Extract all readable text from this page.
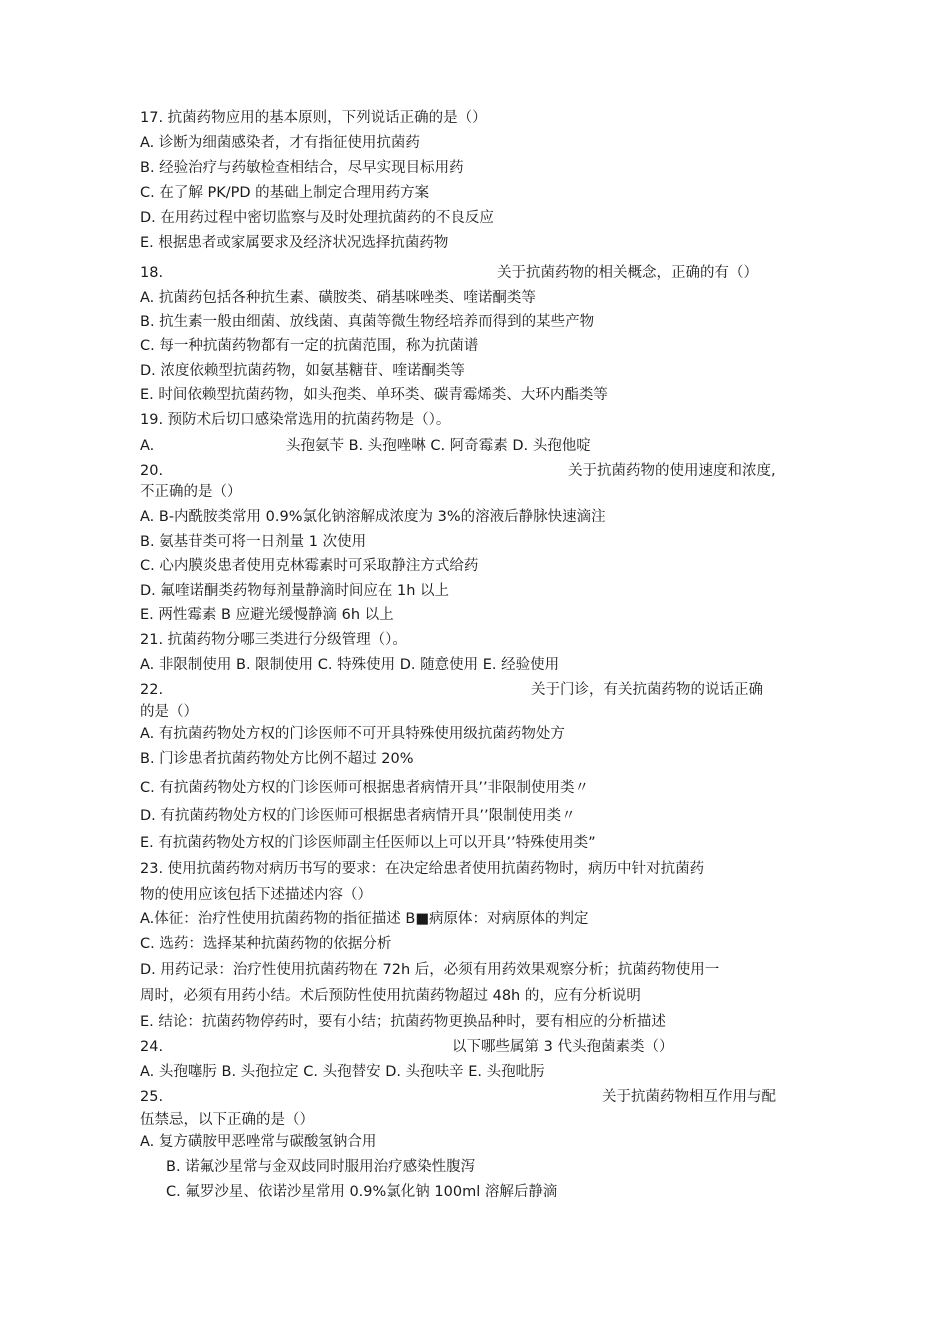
17. 抗菌药物应用的基本原则，下列说话正确的是（）
A. 诊断为细菌感染者，才有指征使用抗菌药
B. 经验治疗与药敏检查相结合，尽早实现目标用药
C. 在了解 PK/PD 的基础上制定合理用药方案
D. 在用药过程中密切监察与及时处理抗菌药的不良反应
E. 根据患者或家属要求及经济状况选择抗菌药物
18.	关于抗菌药物的相关概念，正确的有（）
A. 抗菌药包括各种抗生素、磺胺类、硝基咪唑类、喹诺酮类等
B. 抗生素一般由细菌、放线菌、真菌等微生物经培养而得到的某些产物
C. 每一种抗菌药物都有一定的抗菌范围，称为抗菌谱
D. 浓度依赖型抗菌药物，如氨基糖苷、喹诺酮类等
E. 时间依赖型抗菌药物，如头孢类、单环类、碳青霉烯类、大环内酯类等
19. 预防术后切口感染常选用的抗菌药物是（）。
A.	头孢氨苄 B. 头孢唑啉 C. 阿奇霉素 D. 头孢他啶
20.	关于抗菌药物的使用速度和浓度,
不正确的是（）
A. B-内酰胺类常用 0.9%氯化钠溶解成浓度为 3%的溶液后静脉快速滴注
B. 氨基苷类可将一日剂量 1 次使用
C. 心内膜炎患者使用克林霉素时可采取静注方式给药
D. 氟喹诺酮类药物每剂量静滴时间应在 1h 以上
E. 两性霉素 B 应避光缓慢静滴 6h 以上
21. 抗菌药物分哪三类进行分级管理（）。
A. 非限制使用 B. 限制使用 C. 特殊使用 D. 随意使用 E. 经验使用
22.	关于门诊，有关抗菌药物的说话正确
的是（）
A. 有抗菌药物处方权的门诊医师不可开具特殊使用级抗菌药物处方
B. 门诊患者抗菌药物处方比例不超过 20%
C. 有抗菌药物处方权的门诊医师可根据患者病情开具’’非限制使用类〃
D. 有抗菌药物处方权的门诊医师可根据患者病情开具’’限制使用类〃
E. 有抗菌药物处方权的门诊医师副主任医师以上可以开具’’特殊使用类”
23. 使用抗菌药物对病历书写的要求：在决定给患者使用抗菌药物时，病历中针对抗菌药
物的使用应该包括下述描述内容（）
A.体征：治疗性使用抗菌药物的指征描述 B■病原体：对病原体的判定
C. 选药：选择某种抗菌药物的依据分析
D. 用药记录：治疗性使用抗菌药物在 72h 后，必须有用药效果观察分析；抗菌药物使用一
周时，必须有用药小结。术后预防性使用抗菌药物超过 48h 的，应有分析说明
E. 结论：抗菌药物停药时，要有小结；抗菌药物更换品种时，要有相应的分析描述
24.	以下哪些属第 3 代头孢菌素类（）
A. 头孢噻肟 B. 头孢拉定 C. 头孢替安 D. 头孢呋辛 E. 头孢吡肟
25.	关于抗菌药物相互作用与配
伍禁忌，以下正确的是（）
A. 复方磺胺甲恶唑常与碳酸氢钠合用
B. 诺氟沙星常与金双歧同时服用治疗感染性腹泻
C. 氟罗沙星、依诺沙星常用 0.9%氯化钠 100ml 溶解后静滴
